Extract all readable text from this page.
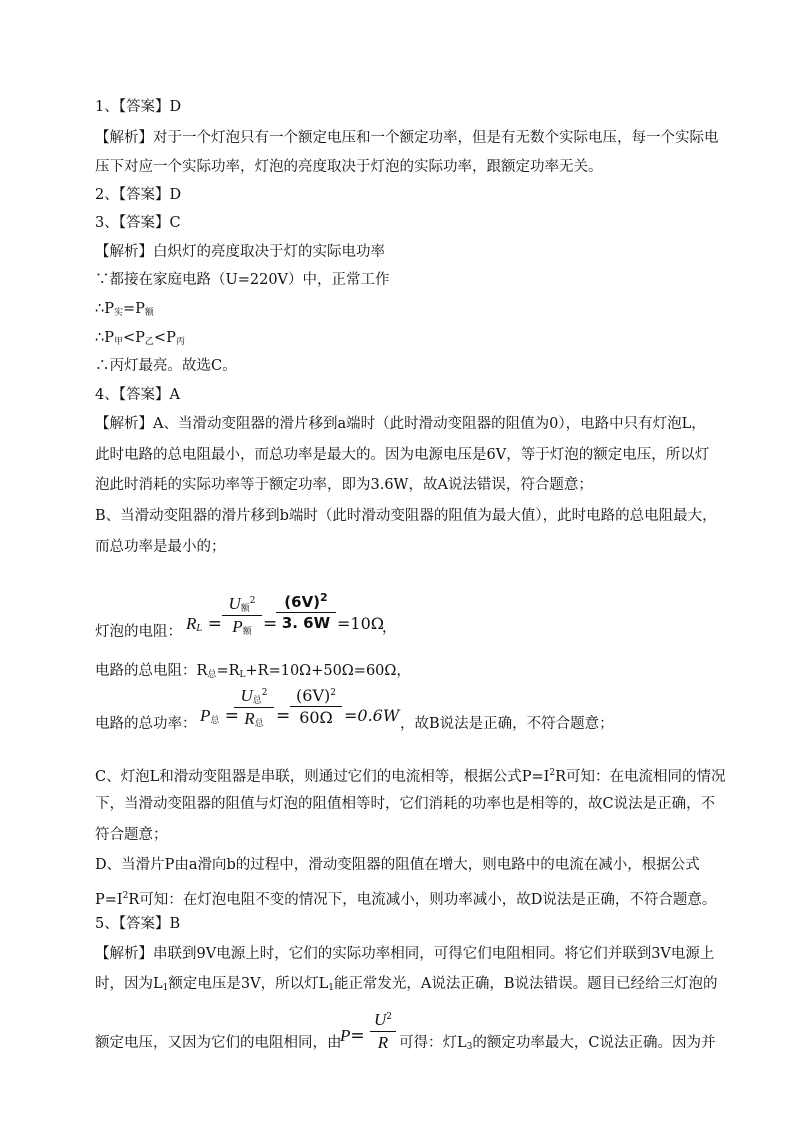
1、【答案】D
【解析】对于一个灯泡只有一个额定电压和一个额定功率，但是有无数个实际电压，每一个实际电
压下对应一个实际功率，灯泡的亮度取决于灯泡的实际功率，跟额定功率无关。
2、【答案】D
3、【答案】C
【解析】白炽灯的亮度取决于灯的实际电功率
∵都接在家庭电路（U=220V）中，正常工作
$\therefore P_实=P_额$
$\therefore P_甲<P_乙<P_丙$
∴丙灯最亮。故选C。
4、【答案】A
【解析】A、当滑动变阻器的滑片移到a端时（此时滑动变阻器的阻值为0），电路中只有灯泡L，
此时电路的总电阻最小，而总功率是最大的。因为电源电压是6V，等于灯泡的额定电压，所以灯
泡此时消耗的实际功率等于额定功率，即为3.6W，故A说法错误，符合题意；
B、当滑动变阻器的滑片移到b端时（此时滑动变阻器的阻值为最大值），此时电路的总电阻最大，
而总功率是最小的；
灯泡的电阻： $R_L$ =
$U_额^2$
$P_额$ =
$(6V)^2$
3. 6W =10Ω
，
电路的总电阻：$R_总=R_L+R=10\Omega+50\Omega=60\Omega$，
电路的总功率： $P_总$ =
$U_总^2$
$R_总$ =
$(6V)^2$
60Ω =0.6W ，故B说法是正确，不符合题意；
C、灯泡L和滑动变阻器是串联，则通过它们的电流相等，根据公式$P=I^2R$可知：在电流相同的情况
下，当滑动变阻器的阻值与灯泡的阻值相等时，它们消耗的功率也是相等的，故C说法是正确，不
符合题意；
D、当滑片P由a滑向b的过程中，滑动变阻器的阻值在增大，则电路中的电流在减小，根据公式
$P=I^2R$可知：在灯泡电阻不变的情况下，电流减小，则功率减小，故D说法是正确，不符合题意。
5、【答案】B
【解析】串联到9V电源上时，它们的实际功率相同，可得它们电阻相同。将它们并联到3V电源上
时，因为$L_1$额定电压是3V，所以灯$L_1$能正常发光，A说法正确，B说法错误。题目已经给三灯泡的
额定电压，又因为它们的电阻相同，由
P=
$U^2$
R 可得：灯$L_3$的额定功率最大，C说法正确。因为并
